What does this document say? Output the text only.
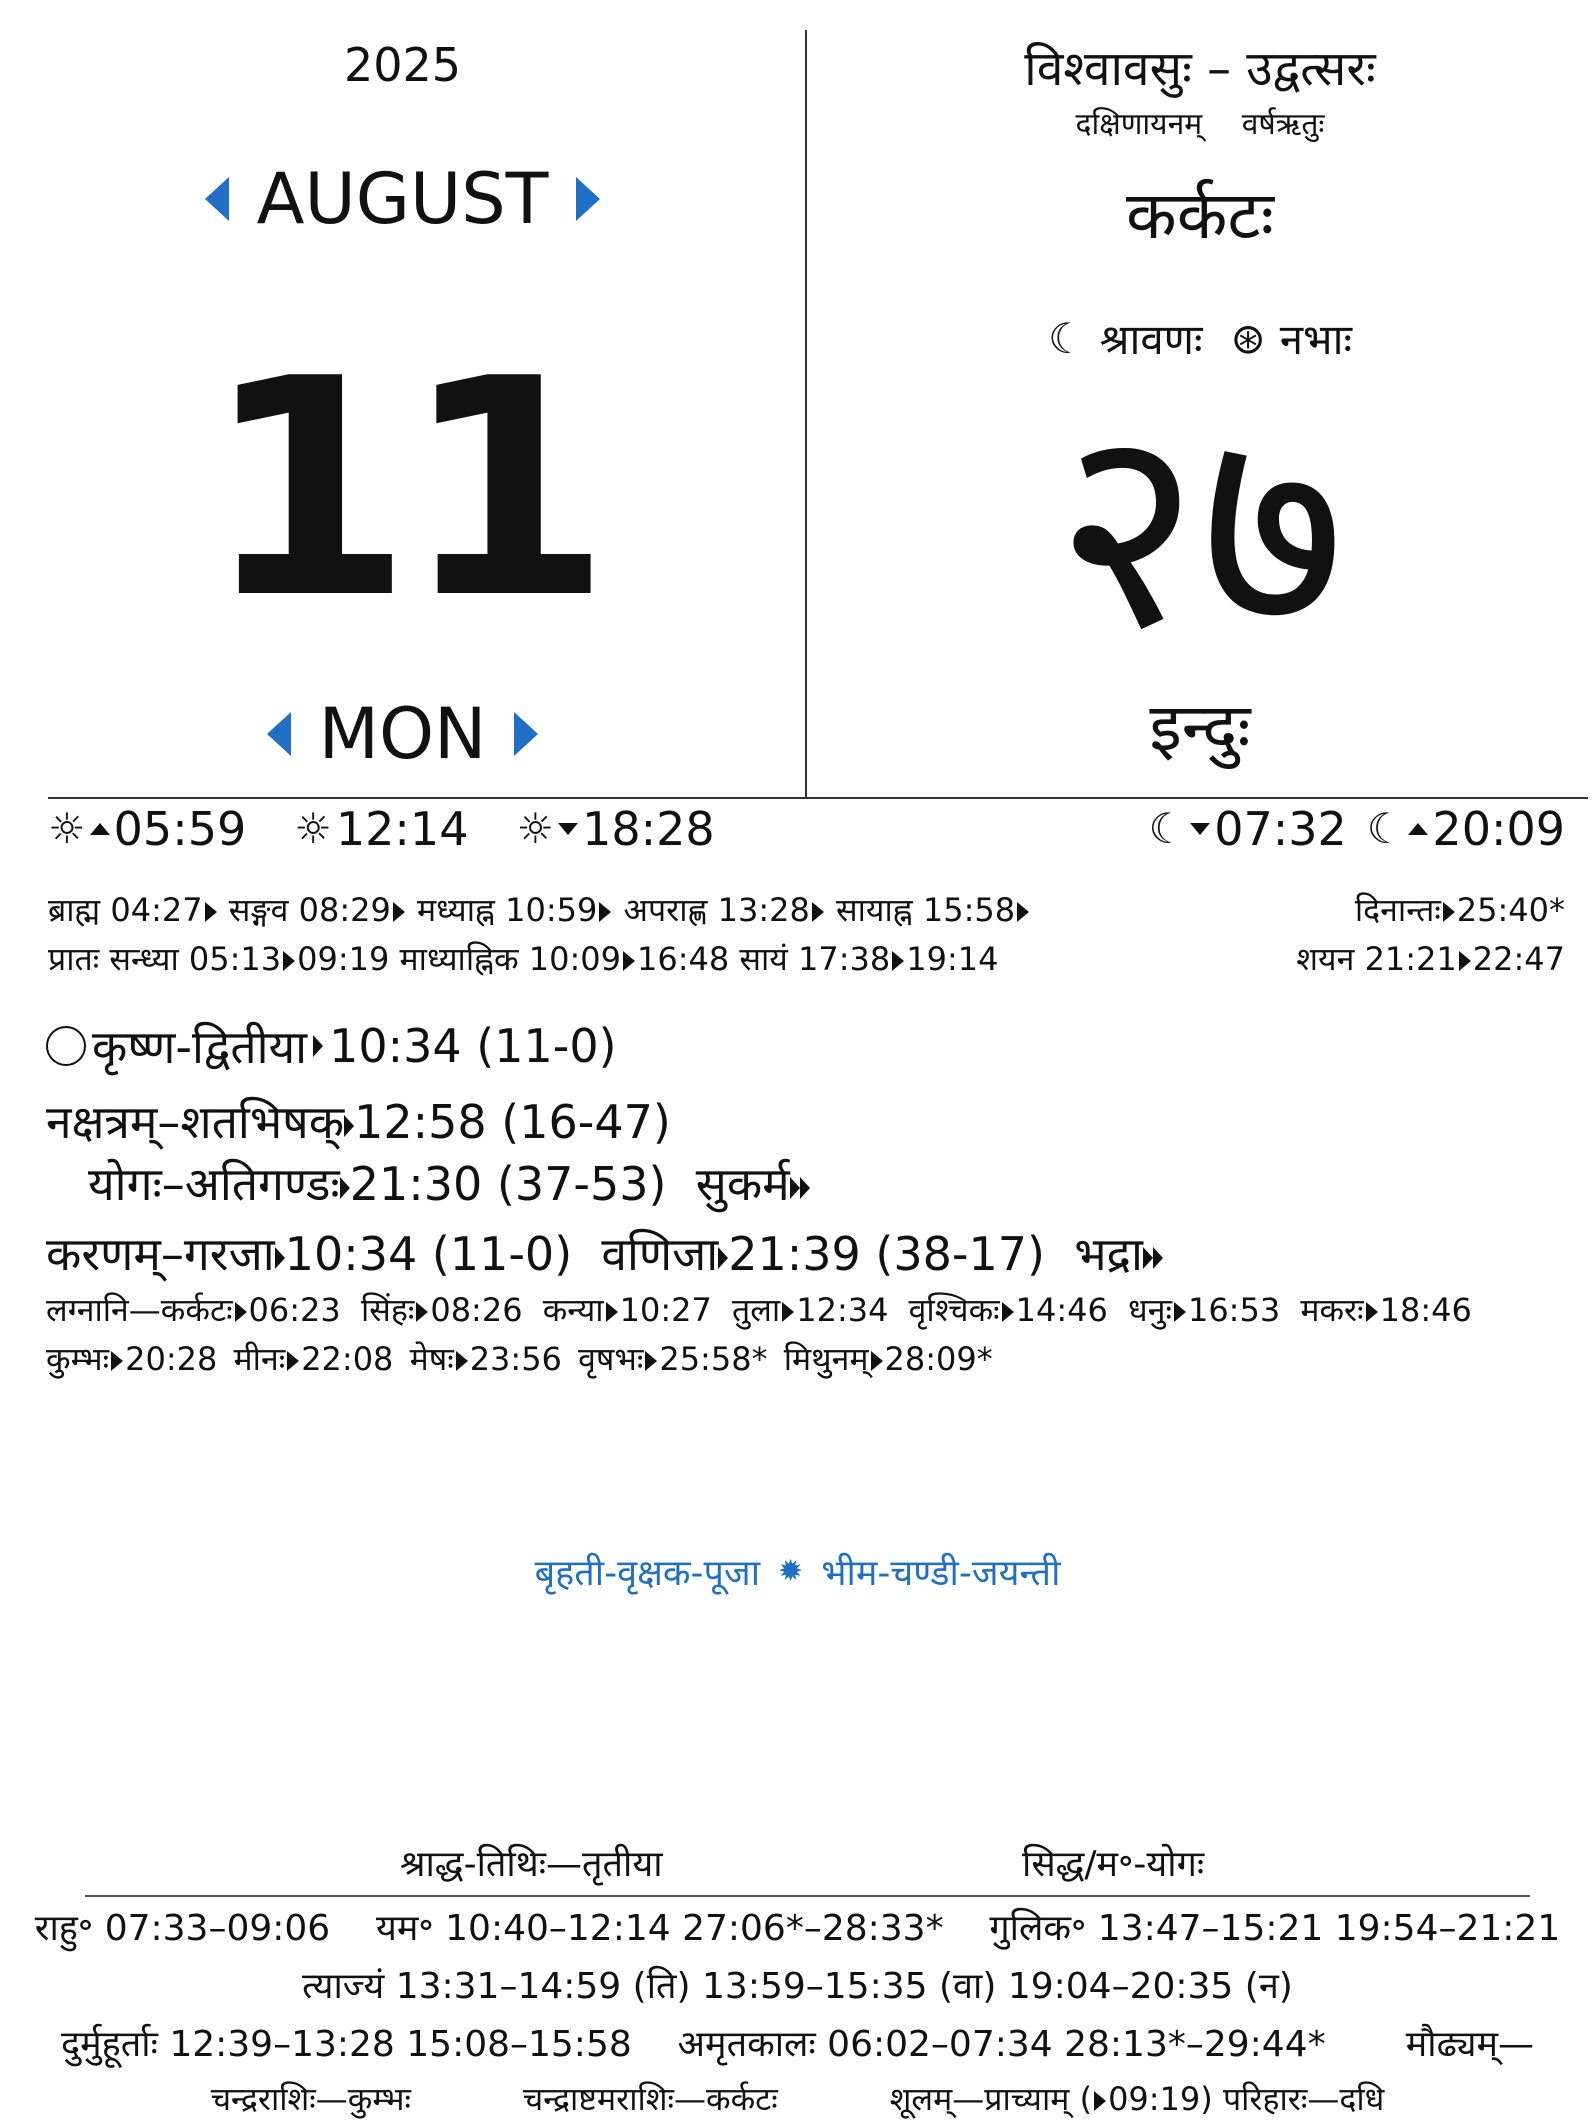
2025
AUGUST
11
MON
विश्वावसुः – उद्वत्सरः
दक्षिणायनम् वर्षऋतुः
कर्कटः
☾ श्रावणः ⊛ नभाः
२७
इन्दुः
☼ 05:59 ☼ 12:14 ☼ 18:28	☾ 07:32 ☾ 20:09
ब्राह्म 04:27 सङ्गव 08:29 मध्याह्न 10:59 अपराह्ण 13:28 सायाह्न 15:58	दिनान्तः 25:40*
प्रातः सन्ध्या 05:13 09:19 माध्याह्निक 10:09 16:48 सायं 17:38 19:14	शयन 21:21 22:47
कृष्ण-द्वितीया 10:34 (11-0)
नक्षत्रम्–शतभिषक् 12:58 (16-47)
योगः–अतिगण्डः 21:30 (37-53) सुकर्म
करणम्–गरजा 10:34 (11-0) वणिजा 21:39 (38-17) भद्रा
लग्नानि—कर्कटः 06:23 सिंहः 08:26 कन्या 10:27 तुला 12:34 वृश्चिकः 14:46 धनुः 16:53 मकरः 18:46
कुम्भः 20:28 मीनः 22:08 मेषः 23:56 वृषभः 25:58* मिथुनम् 28:09*
बृहती-वृक्षक-पूजा ✹ भीम-चण्डी-जयन्ती
श्राद्ध-तिथिः—तृतीया	सिद्ध/म॰-योगः
राहु॰ 07:33–09:06 यम॰ 10:40–12:14 27:06*–28:33* गुलिक॰ 13:47–15:21 19:54–21:21
त्याज्यं 13:31–14:59 (ति) 13:59–15:35 (वा) 19:04–20:35 (न)
दुर्मुहूर्ताः 12:39–13:28 15:08–15:58 अमृतकालः 06:02–07:34 28:13*–29:44* मौढ्यम्—
चन्द्रराशिः—कुम्भः	चन्द्राष्टमराशिः—कर्कटः	शूलम्—प्राच्याम् ( 09:19) परिहारः—दधि
